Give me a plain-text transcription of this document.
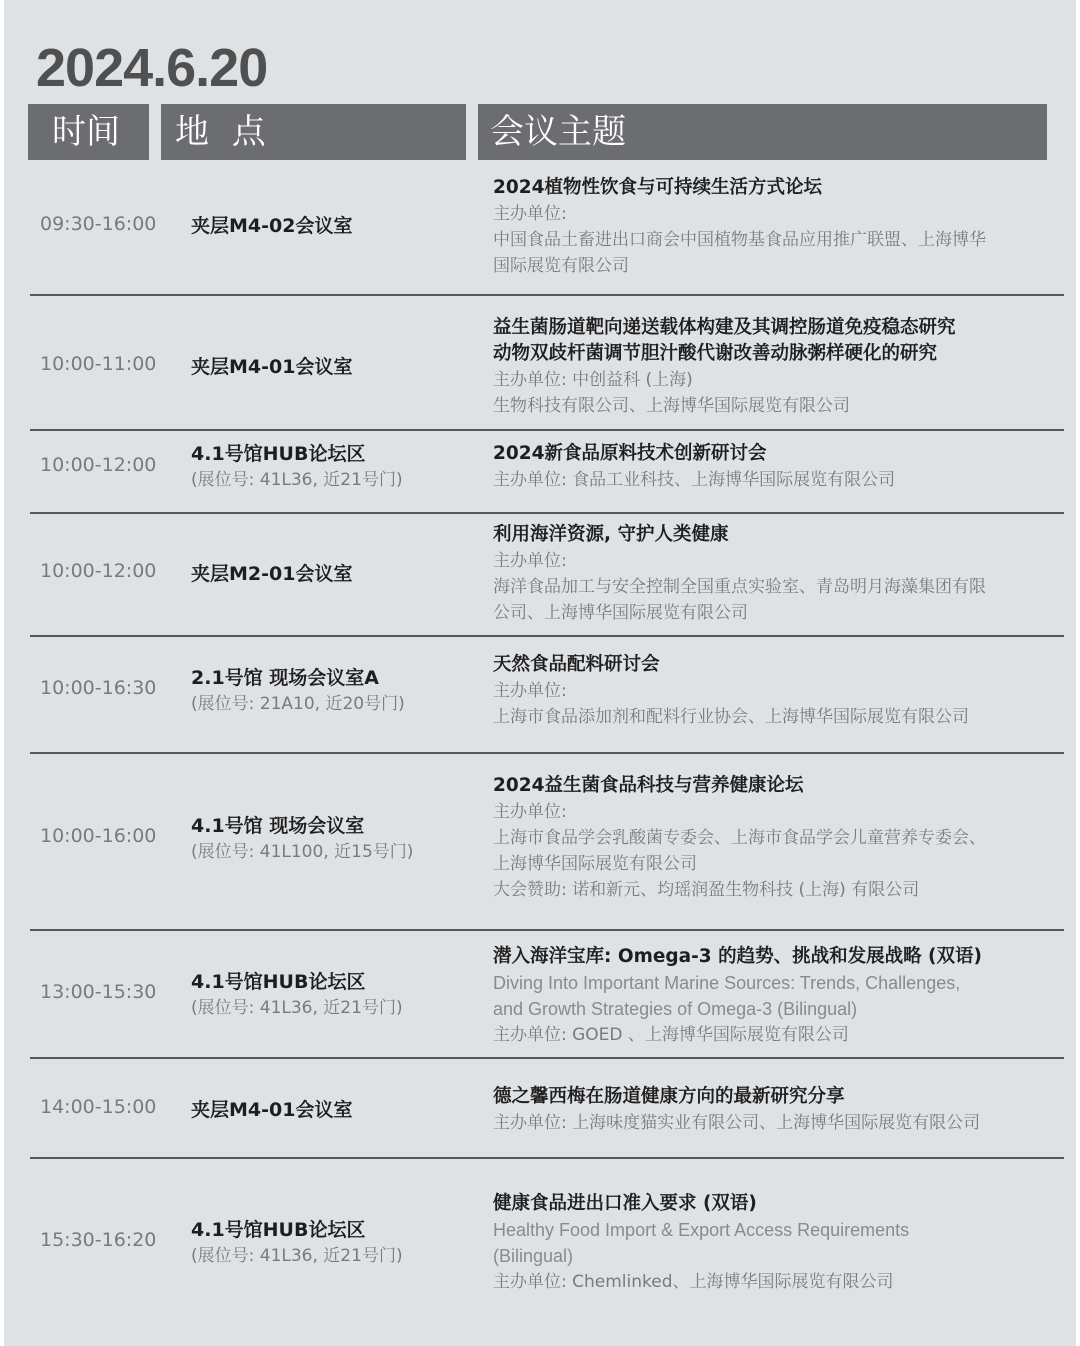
2024.6.20
时间	地 点	会议主题
09:30-16:00 夹层M4-02会议室
2024植物性饮食与可持续生活方式论坛
主办单位:
中国食品土畜进出口商会中国植物基食品应用推广联盟、上海博华
国际展览有限公司
10:00-11:00 夹层M4-01会议室
益生菌肠道靶向递送载体构建及其调控肠道免疫稳态研究
动物双歧杆菌调节胆汁酸代谢改善动脉粥样硬化的研究
主办单位: 中创益科 (上海)
生物科技有限公司、上海博华国际展览有限公司
10:00-12:00 4.1号馆HUB论坛区
(展位号: 41L36, 近21号门)
2024新食品原料技术创新研讨会
主办单位: 食品工业科技、上海博华国际展览有限公司
10:00-12:00 夹层M2-01会议室
利用海洋资源, 守护人类健康
主办单位:
海洋食品加工与安全控制全国重点实验室、青岛明月海藻集团有限
公司、上海博华国际展览有限公司
10:00-16:30 2.1号馆 现场会议室A
(展位号: 21A10, 近20号门)
天然食品配料研讨会
主办单位:
上海市食品添加剂和配料行业协会、上海博华国际展览有限公司
10:00-16:00 4.1号馆 现场会议室
(展位号: 41L100, 近15号门)
2024益生菌食品科技与营养健康论坛
主办单位:
上海市食品学会乳酸菌专委会、上海市食品学会儿童营养专委会、
上海博华国际展览有限公司
大会赞助: 诺和新元、均瑶润盈生物科技 (上海) 有限公司
13:00-15:30 4.1号馆HUB论坛区
(展位号: 41L36, 近21号门)
潜入海洋宝库: Omega-3 的趋势、挑战和发展战略 (双语)
Diving Into Important Marine Sources: Trends, Challenges,
and Growth Strategies of Omega-3 (Bilingual)
主办单位: GOED 、上海博华国际展览有限公司
14:00-15:00 夹层M4-01会议室
德之馨西梅在肠道健康方向的最新研究分享
主办单位: 上海味度猫实业有限公司、上海博华国际展览有限公司
15:30-16:20 4.1号馆HUB论坛区
(展位号: 41L36, 近21号门)
健康食品进出口准入要求 (双语)
Healthy Food Import & Export Access Requirements
(Bilingual)
主办单位: Chemlinked、上海博华国际展览有限公司
